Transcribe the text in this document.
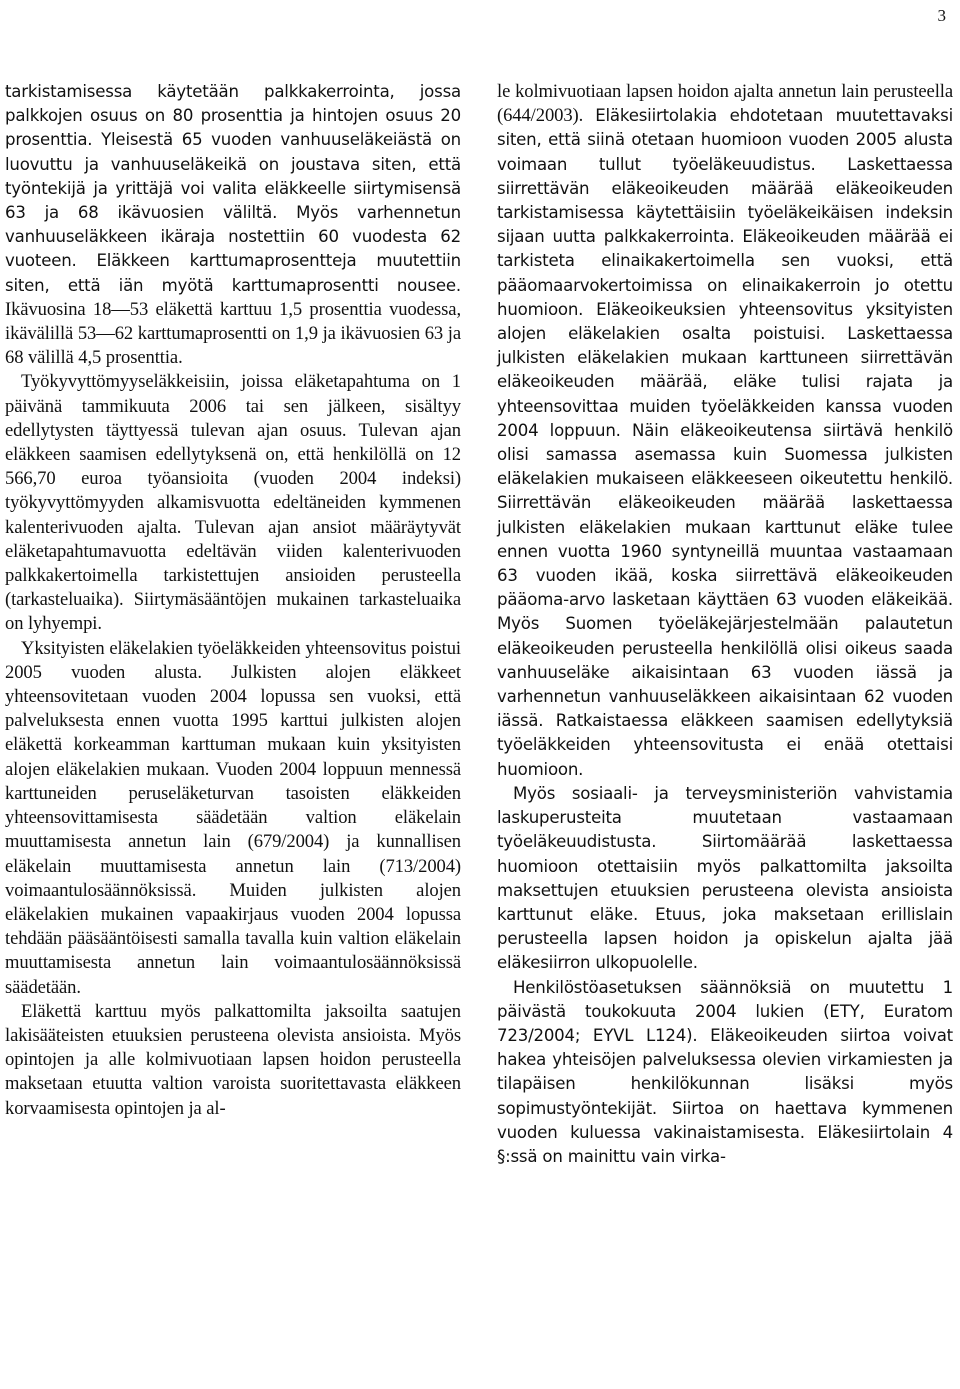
3

tarkistamisessa käytetään palkkakerrointa, jossa palkkojen osuus on 80 prosenttia ja hintojen osuus 20 prosenttia. Yleisestä 65 vuoden vanhuuseläkeiästä on luovuttu ja vanhuuseläkeikä on joustava siten, että työntekijä ja yrittäjä voi valita eläkkeelle siirtymisensä 63 ja 68 ikävuosien väliltä. Myös varhennetun vanhuuseläkkeen ikäraja nostettiin 60 vuodesta 62 vuoteen. Eläkkeen karttumaprosentteja muutettiin siten, että iän myötä karttumaprosentti nousee. Ikävuosina 18—53 eläkettä karttuu 1,5 prosenttia vuodessa, ikävälillä 53—62 karttumaprosentti on 1,9 ja ikävuosien 63 ja 68 välillä 4,5 prosenttia.

Työkyvyttömyyseläkkeisiin, joissa eläketapahtuma on 1 päivänä tammikuuta 2006 tai sen jälkeen, sisältyy edellytysten täyttyessä tulevan ajan osuus. Tulevan ajan eläkkeen saamisen edellytyksenä on, että henkilöllä on 12 566,70 euroa työansioita (vuoden 2004 indeksi) työkyvyttömyyden alkamisvuotta edeltäneiden kymmenen kalenterivuoden ajalta. Tulevan ajan ansiot määräytyvät eläketapahtumavuotta edeltävän viiden kalenterivuoden palkkakertoimella tarkistettujen ansioiden perusteella (tarkasteluaika). Siirtymäsääntöjen mukainen tarkasteluaika on lyhyempi.

Yksityisten eläkelakien työeläkkeiden yhteensovitus poistui 2005 vuoden alusta. Julkisten alojen eläkkeet yhteensovitetaan vuoden 2004 lopussa sen vuoksi, että palveluksesta ennen vuotta 1995 karttui julkisten alojen eläkettä korkeamman karttuman mukaan kuin yksityisten alojen eläkelakien mukaan. Vuoden 2004 loppuun mennessä karttuneiden peruseläketurvan tasoisten eläkkeiden yhteensovittamisesta säädetään valtion eläkelain muuttamisesta annetun lain (679/2004) ja kunnallisen eläkelain muuttamisesta annetun lain (713/2004) voimaantulosäännöksissä. Muiden julkisten alojen eläkelakien mukainen vapaakirjaus vuoden 2004 lopussa tehdään pääsääntöisesti samalla tavalla kuin valtion eläkelain muuttamisesta annetun lain voimaantulosäännöksissä säädetään.

Eläkettä karttuu myös palkattomilta jaksoilta saatujen lakisääteisten etuuksien perusteena olevista ansioista. Myös opintojen ja alle kolmivuotiaan lapsen hoidon perusteella maksetaan etuutta valtion varoista suoritettavasta eläkkeen korvaamisesta opintojen ja al-

le kolmivuotiaan lapsen hoidon ajalta annetun lain perusteella (644/2003). Eläkesiirtolakia ehdotetaan muutettavaksi siten, että siinä otetaan huomioon vuoden 2005 alusta voimaan tullut työeläkeuudistus. Laskettaessa siirrettävän eläkeoikeuden määrää eläkeoikeuden tarkistamisessa käytettäisiin työeläkeikäisen indeksin sijaan uutta palkkakerrointa. Eläkeoikeuden määrää ei tarkisteta elinaikakertoimella sen vuoksi, että pääomaarvokertoimissa on elinaikakerroin jo otettu huomioon. Eläkeoikeuksien yhteensovitus yksityisten alojen eläkelakien osalta poistuisi. Laskettaessa julkisten eläkelakien mukaan karttuneen siirrettävän eläkeoikeuden määrää, eläke tulisi rajata ja yhteensovittaa muiden työeläkkeiden kanssa vuoden 2004 loppuun. Näin eläkeoikeutensa siirtävä henkilö olisi samassa asemassa kuin Suomessa julkisten eläkelakien mukaiseen eläkkeeseen oikeutettu henkilö. Siirrettävän eläkeoikeuden määrää laskettaessa julkisten eläkelakien mukaan karttunut eläke tulee ennen vuotta 1960 syntyneillä muuntaa vastaamaan 63 vuoden ikää, koska siirrettävä eläkeoikeuden pääoma-arvo lasketaan käyttäen 63 vuoden eläkeikää. Myös Suomen työeläkejärjestelmään palautetun eläkeoikeuden perusteella henkilöllä olisi oikeus saada vanhuuseläke aikaisintaan 63 vuoden iässä ja varhennetun vanhuuseläkkeen aikaisintaan 62 vuoden iässä. Ratkaistaessa eläkkeen saamisen edellytyksiä työeläkkeiden yhteensovitusta ei enää otettaisi huomioon.

Myös sosiaali- ja terveysministeriön vahvistamia laskuperusteita muutetaan vastaamaan työeläkeuudistusta. Siirtomäärää laskettaessa huomioon otettaisiin myös palkattomilta jaksoilta maksettujen etuuksien perusteena olevista ansioista karttunut eläke. Etuus, joka maksetaan erillislain perusteella lapsen hoidon ja opiskelun ajalta jää eläkesiirron ulkopuolelle.

Henkilöstöasetuksen säännöksiä on muutettu 1 päivästä toukokuuta 2004 lukien (ETY, Euratom 723/2004; EYVL L124). Eläkeoikeuden siirtoa voivat hakea yhteisöjen palveluksessa olevien virkamiesten ja tilapäisen henkilökunnan lisäksi myös sopimustyöntekijät. Siirtoa on haettava kymmenen vuoden kuluessa vakinaistamisesta. Eläkesiirtolain 4 §:ssä on mainittu vain virka-
